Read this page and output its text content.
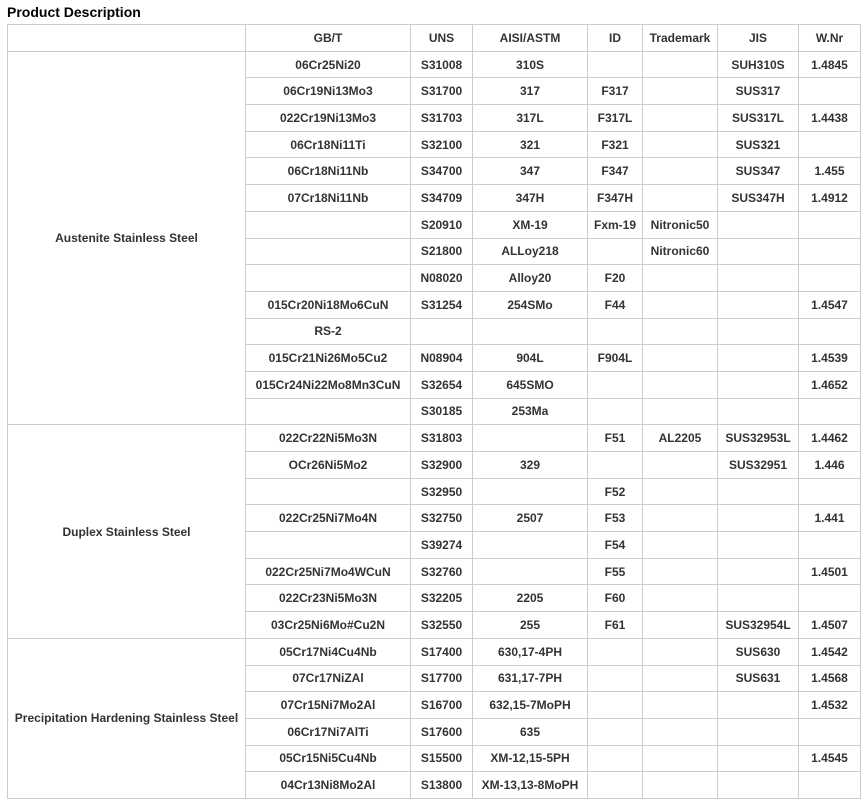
Product Description
	GB/T	UNS	AISI/ASTM	ID	Trademark	JIS	W.Nr
Austenite Stainless Steel	06Cr25Ni20	S31008	310S			SUH310S	1.4845
	06Cr19Ni13Mo3	S31700	317	F317		SUS317	
	022Cr19Ni13Mo3	S31703	317L	F317L		SUS317L	1.4438
	06Cr18Ni11Ti	S32100	321	F321		SUS321	
	06Cr18Ni11Nb	S34700	347	F347		SUS347	1.455
	07Cr18Ni11Nb	S34709	347H	F347H		SUS347H	1.4912
		S20910	XM-19	Fxm-19	Nitronic50		
		S21800	ALLoy218		Nitronic60		
		N08020	Alloy20	F20			
	015Cr20Ni18Mo6CuN	S31254	254SMo	F44			1.4547
	RS-2						
	015Cr21Ni26Mo5Cu2	N08904	904L	F904L			1.4539
	015Cr24Ni22Mo8Mn3CuN	S32654	645SMO				1.4652
		S30185	253Ma				
Duplex Stainless Steel	022Cr22Ni5Mo3N	S31803		F51	AL2205	SUS32953L	1.4462
	OCr26Ni5Mo2	S32900	329			SUS32951	1.446
		S32950		F52			
	022Cr25Ni7Mo4N	S32750	2507	F53			1.441
		S39274		F54			
	022Cr25Ni7Mo4WCuN	S32760		F55			1.4501
	022Cr23Ni5Mo3N	S32205	2205	F60			
	03Cr25Ni6Mo#Cu2N	S32550	255	F61		SUS32954L	1.4507
Precipitation Hardening Stainless Steel	05Cr17Ni4Cu4Nb	S17400	630,17-4PH			SUS630	1.4542
	07Cr17NiZAl	S17700	631,17-7PH			SUS631	1.4568
	07Cr15Ni7Mo2Al	S16700	632,15-7MoPH				1.4532
	06Cr17Ni7AlTi	S17600	635				
	05Cr15Ni5Cu4Nb	S15500	XM-12,15-5PH				1.4545
	04Cr13Ni8Mo2Al	S13800	XM-13,13-8MoPH				
